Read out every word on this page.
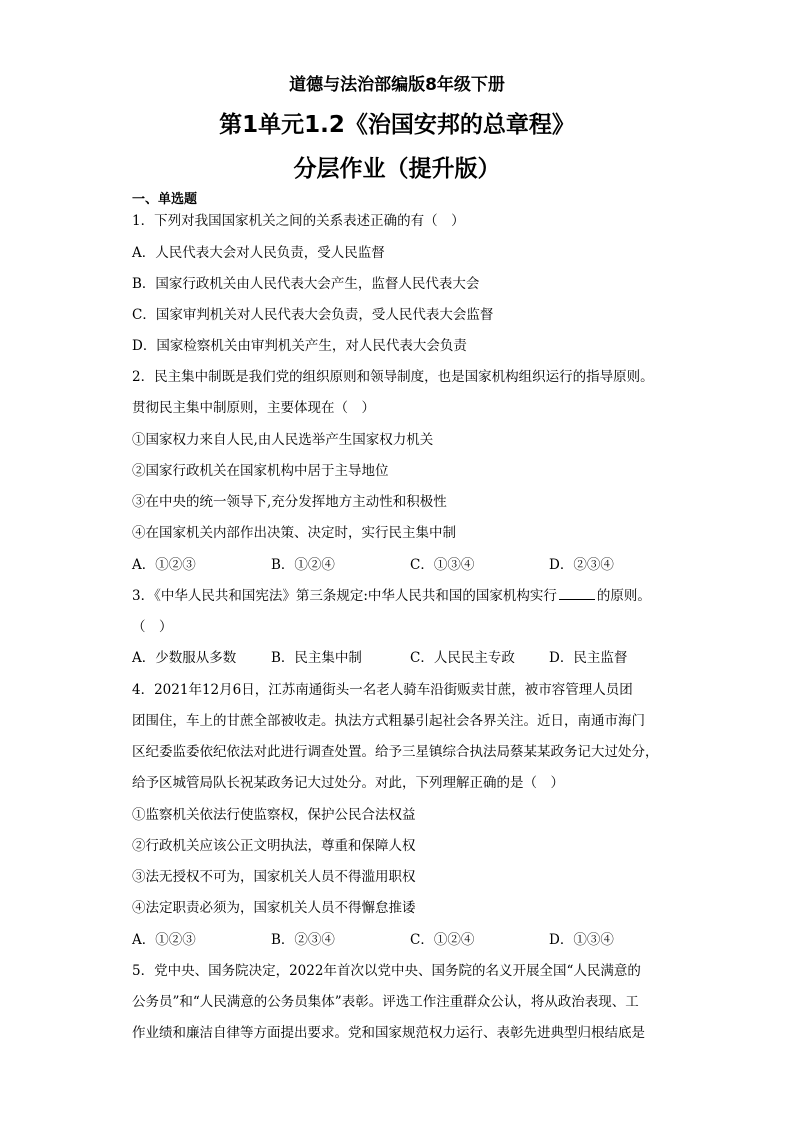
道德与法治部编版8年级下册
第1单元1.2《治国安邦的总章程》
分层作业（提升版）
一、单选题
1．下列对我国国家机关之间的关系表述正确的有（　）
A．人民代表大会对人民负责，受人民监督
B．国家行政机关由人民代表大会产生，监督人民代表大会
C．国家审判机关对人民代表大会负责，受人民代表大会监督
D．国家检察机关由审判机关产生，对人民代表大会负责
2．民主集中制既是我们党的组织原则和领导制度，也是国家机构组织运行的指导原则。
贯彻民主集中制原则，主要体现在（　）
①国家权力来自人民,由人民选举产生国家权力机关
②国家行政机关在国家机构中居于主导地位
③在中央的统一领导下,充分发挥地方主动性和积极性
④在国家机关内部作出决策、决定时，实行民主集中制
A．①②③	B．①②④	C．①③④	D．②③④
3．《中华人民共和国宪法》第三条规定:中华人民共和国的国家机构实行	的原则。
（　）
A．少数服从多数	B．民主集中制	C．人民民主专政	D．民主监督
4．2021年12月6日，江苏南通街头一名老人骑车沿街贩卖甘蔗，被市容管理人员团
团围住，车上的甘蔗全部被收走。执法方式粗暴引起社会各界关注。近日，南通市海门
区纪委监委依纪依法对此进行调查处置。给予三星镇综合执法局蔡某某政务记大过处分，
给予区城管局队长祝某政务记大过处分。对此，下列理解正确的是（　）
①监察机关依法行使监察权，保护公民合法权益
②行政机关应该公正文明执法，尊重和保障人权
③法无授权不可为，国家机关人员不得滥用职权
④法定职责必须为，国家机关人员不得懈怠推诿
A．①②③	B．②③④	C．①②④	D．①③④
5．党中央、国务院决定，2022年首次以党中央、国务院的名义开展全国“人民满意的
公务员”和“人民满意的公务员集体”表彰。评选工作注重群众公认，将从政治表现、工
作业绩和廉洁自律等方面提出要求。党和国家规范权力运行、表彰先进典型归根结底是
